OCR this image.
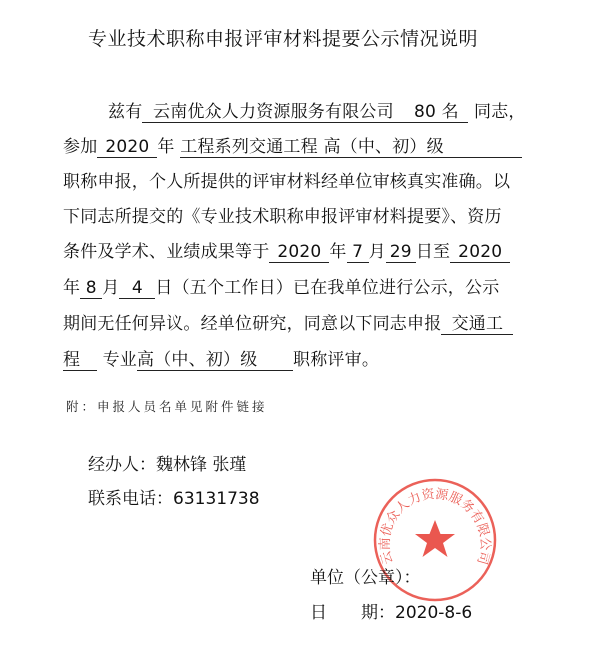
专业技术职称申报评审材料提要公示情况说明
兹有 云南优众人力资源服务有限公司 80 名 同志，
参加 2020 年 工程系列交通工程 高（中、初）级
职称申报，个人所提供的评审材料经单位审核真实准确。以
下同志所提交的《专业技术职称申报评审材料提要》、资历
条件及学术、业绩成果等于 2020 年 7 月 29 日至 2020
年 8 月 4 日（五个工作日）已在我单位进行公示，公示
期间无任何异议。经单位研究，同意以下同志申报 交通工
程 专业高（中、初）级 职称评审。
附：申报人员名单见附件链接
经办人：魏林锋 张瑾
联系电话：63131738
云南优众人力资源服务有限公司
单位（公章）：
日　　期：2020-8-6
